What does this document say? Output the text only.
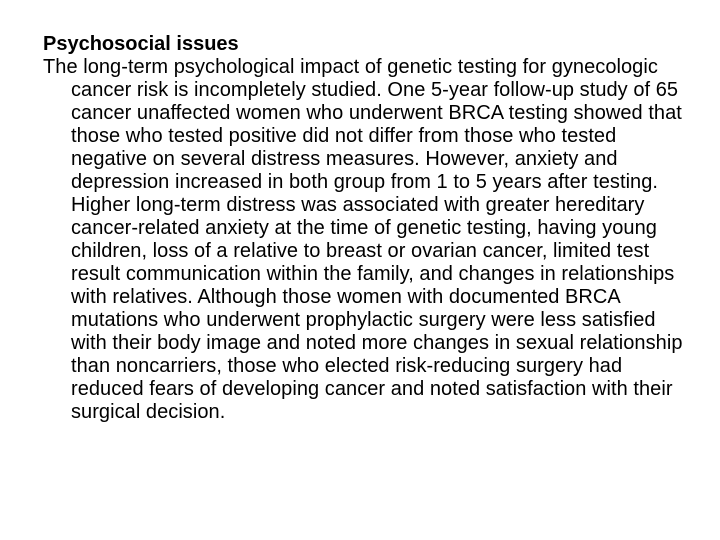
Psychosocial issues

The long-term psychological impact of genetic testing for gynecologic cancer risk is incompletely studied. One 5-year follow-up study of 65 cancer unaffected women who underwent BRCA testing showed that those who tested positive did not differ from those who tested negative on several distress measures. However, anxiety and depression increased in both group from 1 to 5 years after testing. Higher long-term distress was associated with greater hereditary cancer-related anxiety at the time of genetic testing, having young children, loss of a relative to breast or ovarian cancer, limited test result communication within the family, and changes in relationships with relatives. Although those women with documented BRCA mutations who underwent prophylactic surgery were less satisfied with their body image and noted more changes in sexual relationship than noncarriers, those who elected risk-reducing surgery had reduced fears of developing cancer and noted satisfaction with their surgical decision.
